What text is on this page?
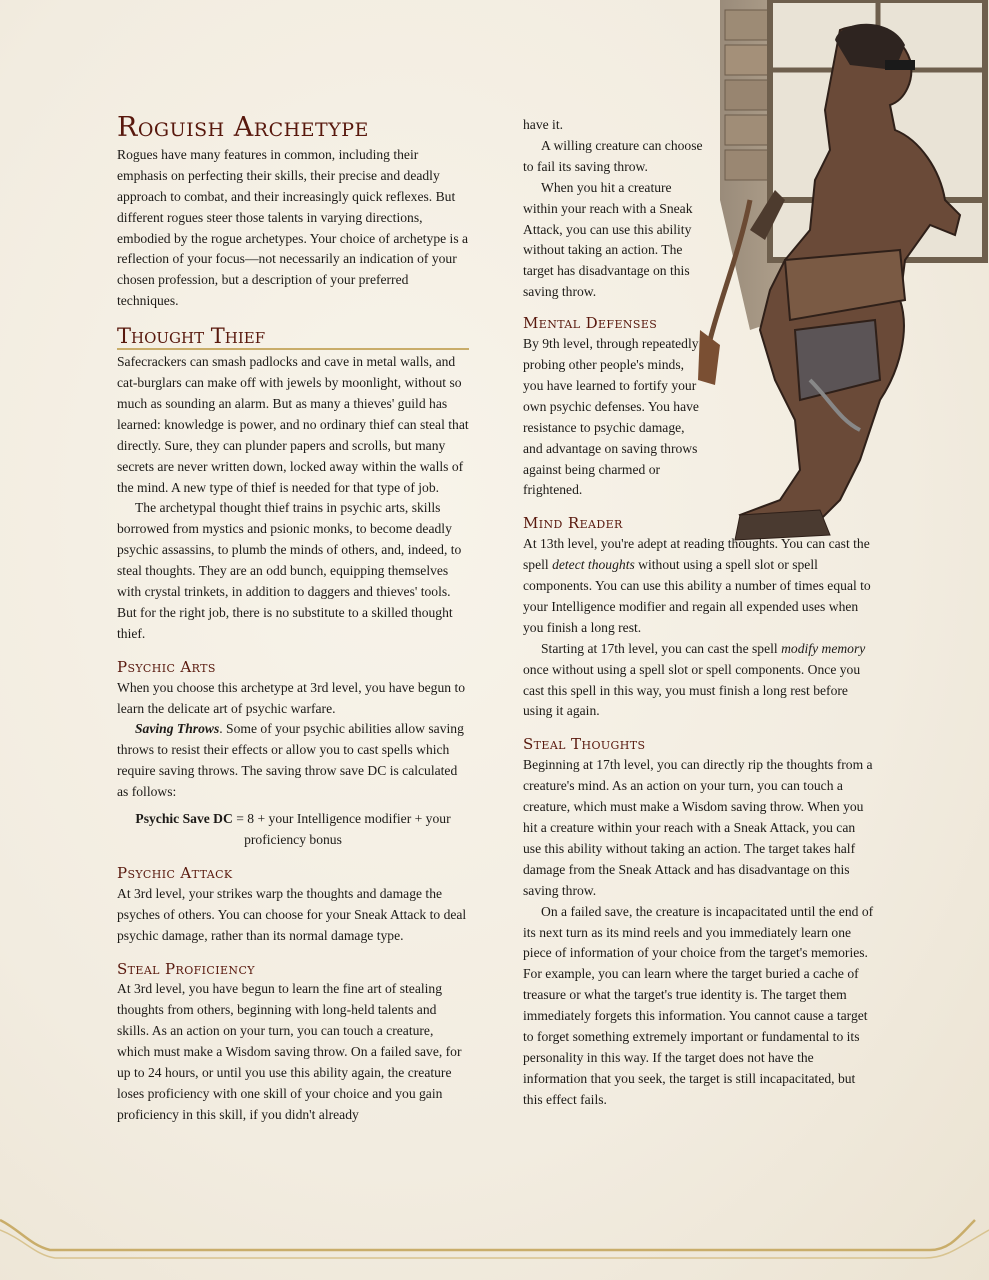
Roguish Archetype

Rogues have many features in common, including their emphasis on perfecting their skills, their precise and deadly approach to combat, and their increasingly quick reflexes. But different rogues steer those talents in varying directions, embodied by the rogue archetypes. Your choice of archetype is a reflection of your focus—not necessarily an indication of your chosen profession, but a description of your preferred techniques.

Thought Thief

Safecrackers can smash padlocks and cave in metal walls, and cat-burglars can make off with jewels by moonlight, without so much as sounding an alarm. But as many a thieves' guild has learned: knowledge is power, and no ordinary thief can steal that directly. Sure, they can plunder papers and scrolls, but many secrets are never written down, locked away within the walls of the mind. A new type of thief is needed for that type of job.

The archetypal thought thief trains in psychic arts, skills borrowed from mystics and psionic monks, to become deadly psychic assassins, to plumb the minds of others, and, indeed, to steal thoughts. They are an odd bunch, equipping themselves with crystal trinkets, in addition to daggers and thieves' tools. But for the right job, there is no substitute to a skilled thought thief.

Psychic Arts

When you choose this archetype at 3rd level, you have begun to learn the delicate art of psychic warfare.

Saving Throws. Some of your psychic abilities allow saving throws to resist their effects or allow you to cast spells which require saving throws. The saving throw save DC is calculated as follows:

Psychic Save DC = 8 + your Intelligence modifier + your proficiency bonus

Psychic Attack

At 3rd level, your strikes warp the thoughts and damage the psyches of others. You can choose for your Sneak Attack to deal psychic damage, rather than its normal damage type.

Steal Proficiency

At 3rd level, you have begun to learn the fine art of stealing thoughts from others, beginning with long-held talents and skills. As an action on your turn, you can touch a creature, which must make a Wisdom saving throw. On a failed save, for up to 24 hours, or until you use this ability again, the creature loses proficiency with one skill of your choice and you gain proficiency in this skill, if you didn't already

have it.

A willing creature can choose to fail its saving throw.

When you hit a creature within your reach with a Sneak Attack, you can use this ability without taking an action. The target has disadvantage on this saving throw.

Mental Defenses

By 9th level, through repeatedly probing other people's minds, you have learned to fortify your own psychic defenses. You have resistance to psychic damage, and advantage on saving throws against being charmed or frightened.

Mind Reader

At 13th level, you're adept at reading thoughts. You can cast the spell detect thoughts without using a spell slot or spell components. You can use this ability a number of times equal to your Intelligence modifier and regain all expended uses when you finish a long rest.

Starting at 17th level, you can cast the spell modify memory once without using a spell slot or spell components. Once you cast this spell in this way, you must finish a long rest before using it again.

Steal Thoughts

Beginning at 17th level, you can directly rip the thoughts from a creature's mind. As an action on your turn, you can touch a creature, which must make a Wisdom saving throw. When you hit a creature within your reach with a Sneak Attack, you can use this ability without taking an action. The target takes half damage from the Sneak Attack and has disadvantage on this saving throw.

On a failed save, the creature is incapacitated until the end of its next turn as its mind reels and you immediately learn one piece of information of your choice from the target's memories. For example, you can learn where the target buried a cache of treasure or what the target's true identity is. The target them immediately forgets this information. You cannot cause a target to forget something extremely important or fundamental to its personality in this way. If the target does not have the information that you seek, the target is still incapacitated, but this effect fails.
